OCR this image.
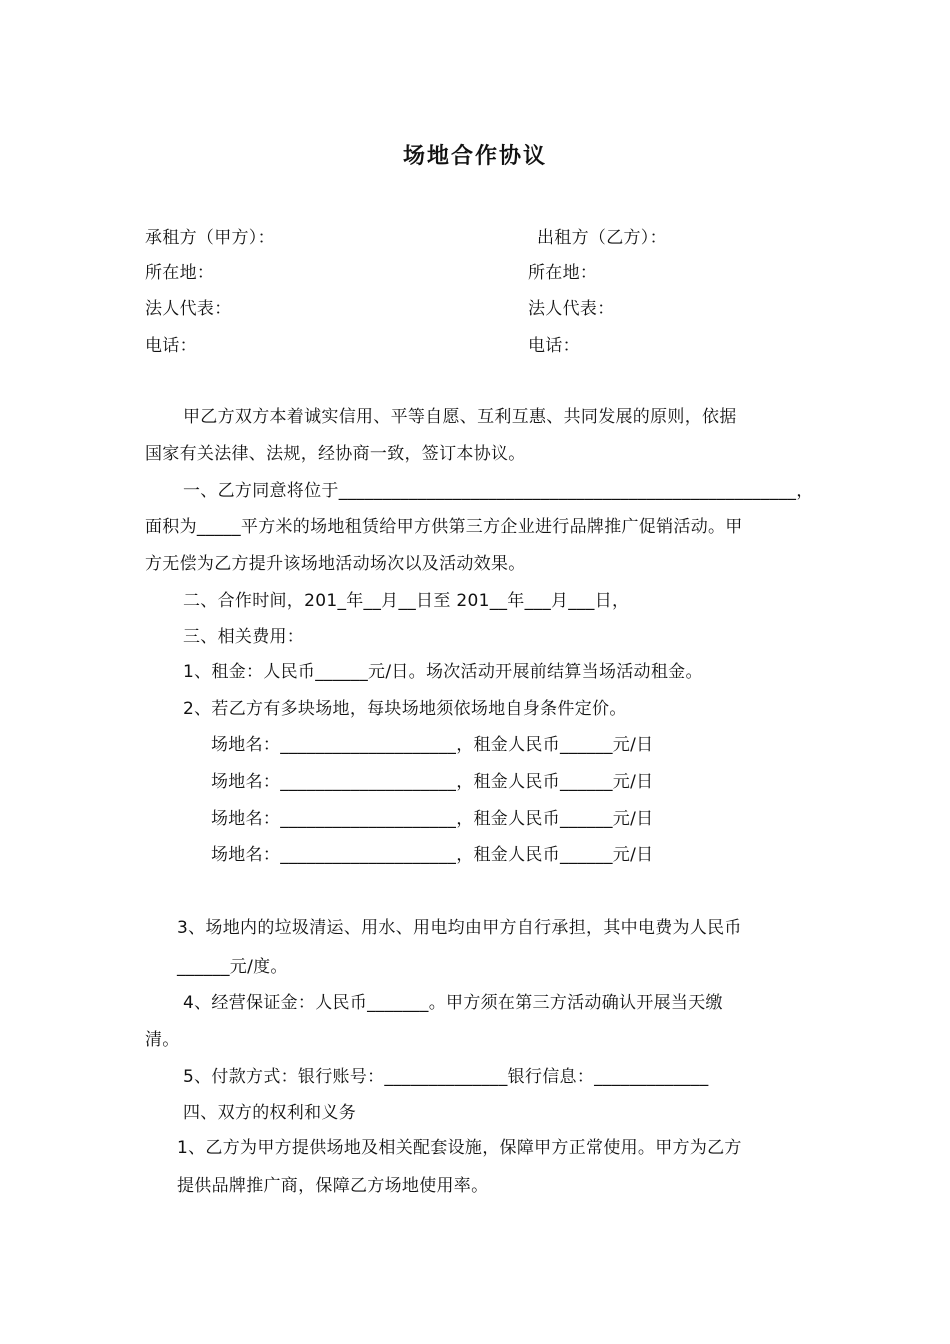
场地合作协议
承租方（甲方）：
所在地：
法人代表：
电话：
出租方（乙方）：
所在地：
法人代表：
电话：
甲乙方双方本着诚实信用、平等自愿、互利互惠、共同发展的原则，依据
国家有关法律、法规，经协商一致，签订本协议。
一、乙方同意将位于____________________________________________________，
面积为_____平方米的场地租赁给甲方供第三方企业进行品牌推广促销活动。甲
方无偿为乙方提升该场地活动场次以及活动效果。
二、合作时间，201_年__月__日至 201__年___月___日，
三、相关费用：
1、租金：人民币______元/日。场次活动开展前结算当场活动租金。
2、若乙方有多块场地，每块场地须依场地自身条件定价。
场地名：____________________，租金人民币______元/日
场地名：____________________，租金人民币______元/日
场地名：____________________，租金人民币______元/日
场地名：____________________，租金人民币______元/日
3、场地内的垃圾清运、用水、用电均由甲方自行承担，其中电费为人民币
______元/度。
4、经营保证金：人民币_______。甲方须在第三方活动确认开展当天缴
清。
5、付款方式：银行账号：______________银行信息：_____________
四、双方的权利和义务
1、乙方为甲方提供场地及相关配套设施，保障甲方正常使用。甲方为乙方
提供品牌推广商，保障乙方场地使用率。
